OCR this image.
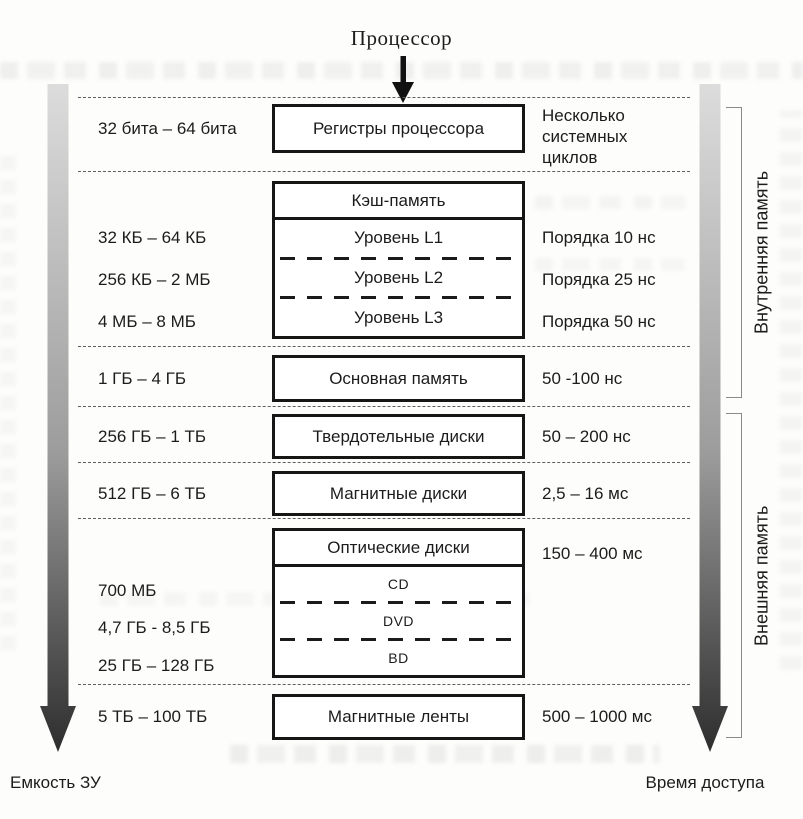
Процессор
Емкость ЗУ	Время доступа
Регистры процессора
Кэш-память
Уровень L1
Уровень L2
Уровень L3
Основная память
Твердотельные диски
Магнитные диски
Оптические диски
CD
DVD
BD
Магнитные ленты
32 бита – 64 бита
32 КБ – 64 КБ
256 КБ – 2 МБ
4 МБ – 8 МБ
1 ГБ – 4 ГБ
256 ГБ – 1 ТБ
512 ГБ – 6 ТБ
700 МБ
4,7 ГБ - 8,5 ГБ
25 ГБ – 128 ГБ
5 ТБ – 100 ТБ
Несколько системных циклов
Порядка 10 нс
Порядка 25 нс
Порядка 50 нс
50 -100 нс
50 – 200 нс
2,5 – 16 мс
150 – 400 мс
500 – 1000 мс
Внутренняя память
Внешняя память
